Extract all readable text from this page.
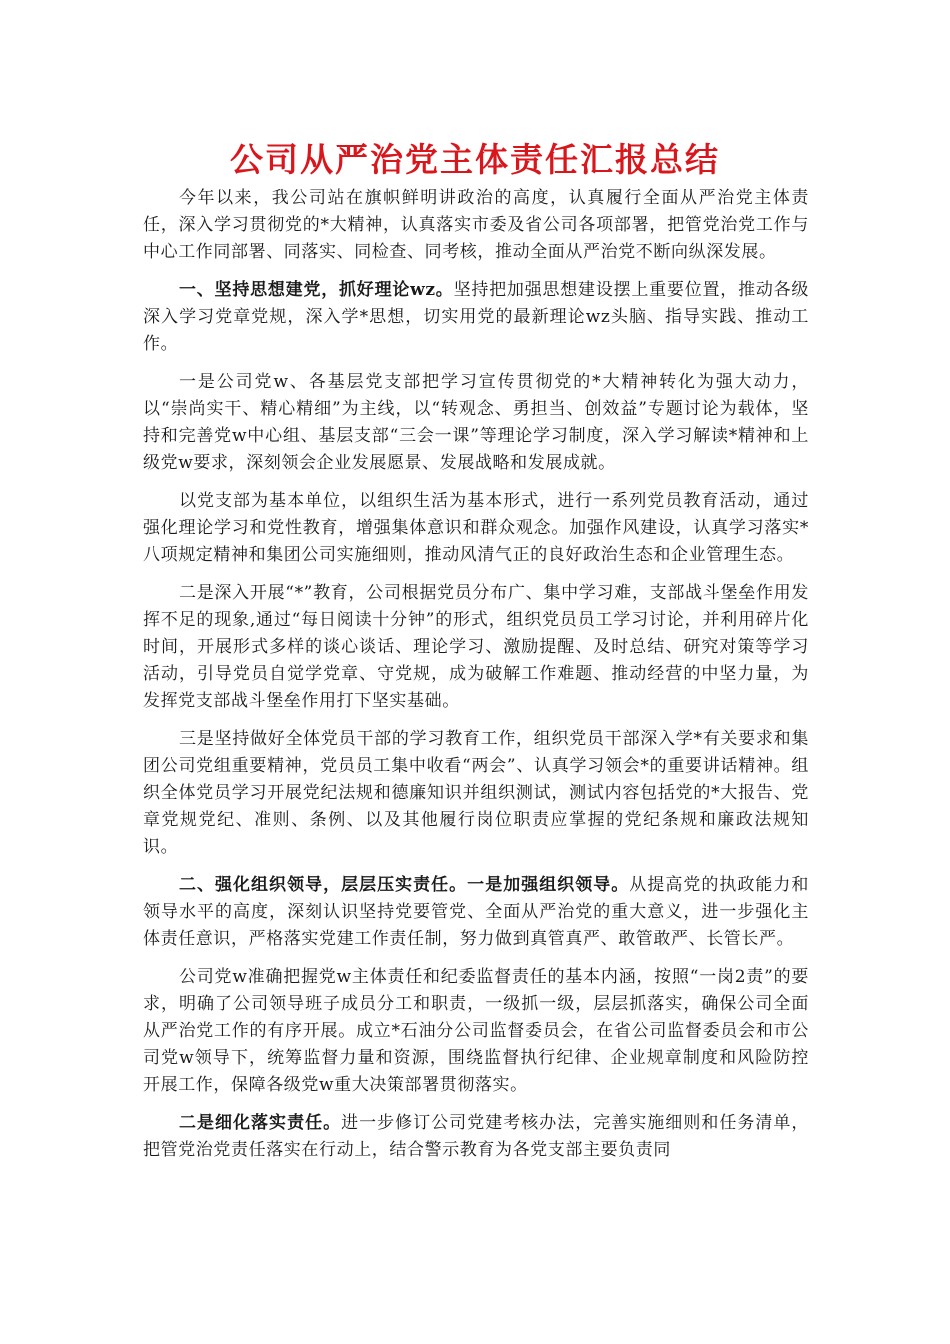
公司从严治党主体责任汇报总结

今年以来，我公司站在旗帜鲜明讲政治的高度，认真履行全面从严治党主体责任，深入学习贯彻党的*大精神，认真落实市委及省公司各项部署，把管党治党工作与中心工作同部署、同落实、同检查、同考核，推动全面从严治党不断向纵深发展。

一、坚持思想建党，抓好理论wz。坚持把加强思想建设摆上重要位置，推动各级深入学习党章党规，深入学*思想，切实用党的最新理论wz头脑、指导实践、推动工作。

一是公司党w、各基层党支部把学习宣传贯彻党的*大精神转化为强大动力，以“崇尚实干、精心精细”为主线，以“转观念、勇担当、创效益”专题讨论为载体，坚持和完善党w中心组、基层支部“三会一课”等理论学习制度，深入学习解读*精神和上级党w要求，深刻领会企业发展愿景、发展战略和发展成就。

以党支部为基本单位，以组织生活为基本形式，进行一系列党员教育活动，通过强化理论学习和党性教育，增强集体意识和群众观念。加强作风建设，认真学习落实*八项规定精神和集团公司实施细则，推动风清气正的良好政治生态和企业管理生态。

二是深入开展“*”教育，公司根据党员分布广、集中学习难，支部战斗堡垒作用发挥不足的现象,通过“每日阅读十分钟”的形式，组织党员员工学习讨论，并利用碎片化时间，开展形式多样的谈心谈话、理论学习、激励提醒、及时总结、研究对策等学习活动，引导党员自觉学党章、守党规，成为破解工作难题、推动经营的中坚力量，为发挥党支部战斗堡垒作用打下坚实基础。

三是坚持做好全体党员干部的学习教育工作，组织党员干部深入学*有关要求和集团公司党组重要精神，党员员工集中收看“两会”、认真学习领会*的重要讲话精神。组织全体党员学习开展党纪法规和德廉知识并组织测试，测试内容包括党的*大报告、党章党规党纪、准则、条例、以及其他履行岗位职责应掌握的党纪条规和廉政法规知识。

二、强化组织领导，层层压实责任。一是加强组织领导。从提高党的执政能力和领导水平的高度，深刻认识坚持党要管党、全面从严治党的重大意义，进一步强化主体责任意识，严格落实党建工作责任制，努力做到真管真严、敢管敢严、长管长严。

公司党w准确把握党w主体责任和纪委监督责任的基本内涵，按照“一岗2责”的要求，明确了公司领导班子成员分工和职责，一级抓一级，层层抓落实，确保公司全面从严治党工作的有序开展。成立*石油分公司监督委员会，在省公司监督委员会和市公司党w领导下，统筹监督力量和资源，围绕监督执行纪律、企业规章制度和风险防控开展工作，保障各级党w重大决策部署贯彻落实。

二是细化落实责任。进一步修订公司党建考核办法，完善实施细则和任务清单，把管党治党责任落实在行动上，结合警示教育为各党支部主要负责同
